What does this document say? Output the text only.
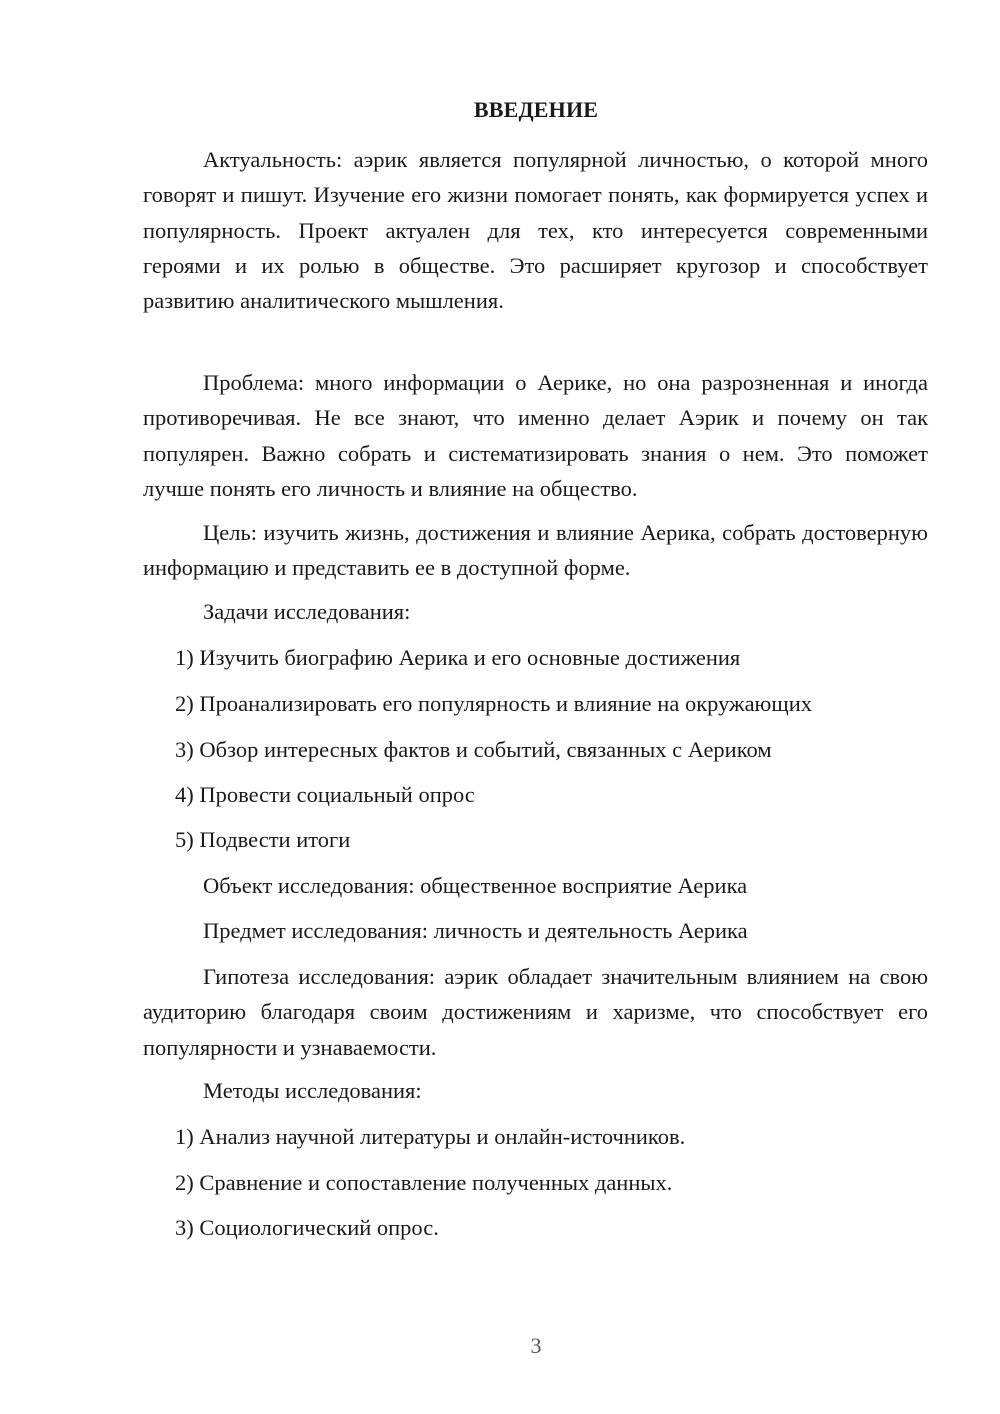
ВВЕДЕНИЕ

Актуальность: аэрик является популярной личностью, о которой много говорят и пишут. Изучение его жизни помогает понять, как формируется успех и популярность. Проект актуален для тех, кто интересуется современными героями и их ролью в обществе. Это расширяет кругозор и способствует развитию аналитического мышления.

Проблема: много информации о Аерике, но она разрозненная и иногда противоречивая. Не все знают, что именно делает Аэрик и почему он так популярен. Важно собрать и систематизировать знания о нем. Это поможет лучше понять его личность и влияние на общество.

Цель: изучить жизнь, достижения и влияние Аерика, собрать достоверную информацию и представить ее в доступной форме.

Задачи исследования:

1) Изучить биографию Аерика и его основные достижения

2) Проанализировать его популярность и влияние на окружающих

3) Обзор интересных фактов и событий, связанных с Аериком

4) Провести социальный опрос

5) Подвести итоги

Объект исследования: общественное восприятие Аерика

Предмет исследования: личность и деятельность Аерика

Гипотеза исследования: аэрик обладает значительным влиянием на свою аудиторию благодаря своим достижениям и харизме, что способствует его популярности и узнаваемости.

Методы исследования:

1) Анализ научной литературы и онлайн-источников.

2) Сравнение и сопоставление полученных данных.

3) Социологический опрос.

3
